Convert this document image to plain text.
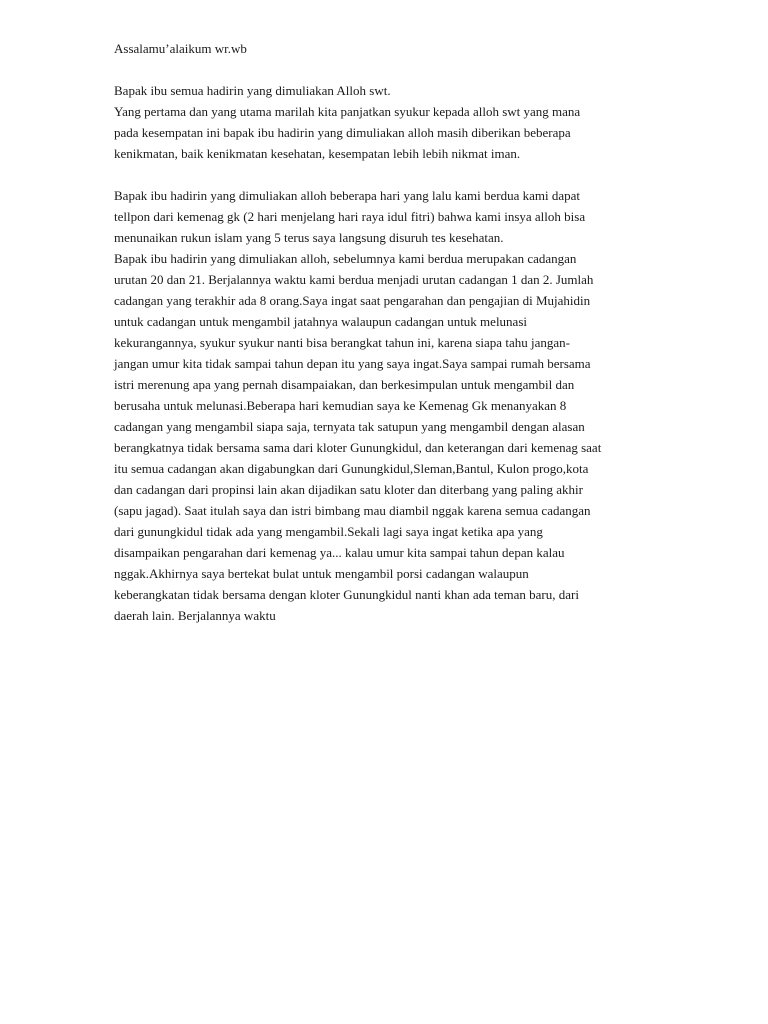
Assalamu’alaikum wr.wb
Bapak ibu semua hadirin yang dimuliakan Alloh swt.
Yang pertama dan yang utama marilah kita panjatkan syukur kepada alloh swt yang mana
pada kesempatan ini bapak ibu hadirin yang dimuliakan alloh masih diberikan beberapa
kenikmatan, baik kenikmatan kesehatan, kesempatan lebih lebih nikmat iman.
Bapak ibu hadirin yang dimuliakan alloh beberapa hari yang lalu kami berdua kami dapat
tellpon dari kemenag gk (2 hari menjelang hari raya idul fitri) bahwa kami insya alloh bisa
menunaikan rukun islam yang 5 terus saya langsung disuruh tes kesehatan.
Bapak ibu hadirin yang dimuliakan alloh, sebelumnya kami berdua merupakan cadangan
urutan 20 dan 21. Berjalannya waktu kami berdua menjadi urutan cadangan 1 dan 2. Jumlah
cadangan yang terakhir ada 8 orang.Saya ingat saat pengarahan dan pengajian di Mujahidin
untuk cadangan untuk mengambil jatahnya walaupun cadangan untuk melunasi
kekurangannya, syukur syukur nanti bisa berangkat tahun ini, karena siapa tahu jangan-
jangan umur kita tidak sampai tahun depan itu yang saya ingat.Saya sampai rumah bersama
istri merenung apa yang pernah disampaiakan, dan berkesimpulan untuk mengambil dan
berusaha untuk melunasi.Beberapa hari kemudian saya ke Kemenag Gk menanyakan 8
cadangan yang mengambil siapa saja, ternyata tak satupun yang mengambil dengan alasan
berangkatnya tidak bersama sama dari kloter Gunungkidul, dan keterangan dari kemenag saat
itu semua cadangan akan digabungkan dari Gunungkidul,Sleman,Bantul, Kulon progo,kota
dan cadangan dari propinsi lain akan dijadikan satu kloter dan diterbang yang paling akhir
(sapu jagad). Saat itulah saya dan istri bimbang mau diambil nggak karena semua cadangan
dari gunungkidul tidak ada yang mengambil.Sekali lagi saya ingat ketika apa yang
disampaikan pengarahan dari kemenag ya... kalau umur kita sampai tahun depan kalau
nggak.Akhirnya saya bertekat bulat untuk mengambil porsi cadangan walaupun
keberangkatan tidak bersama dengan kloter Gunungkidul nanti khan ada teman baru, dari
daerah lain. Berjalannya waktu
